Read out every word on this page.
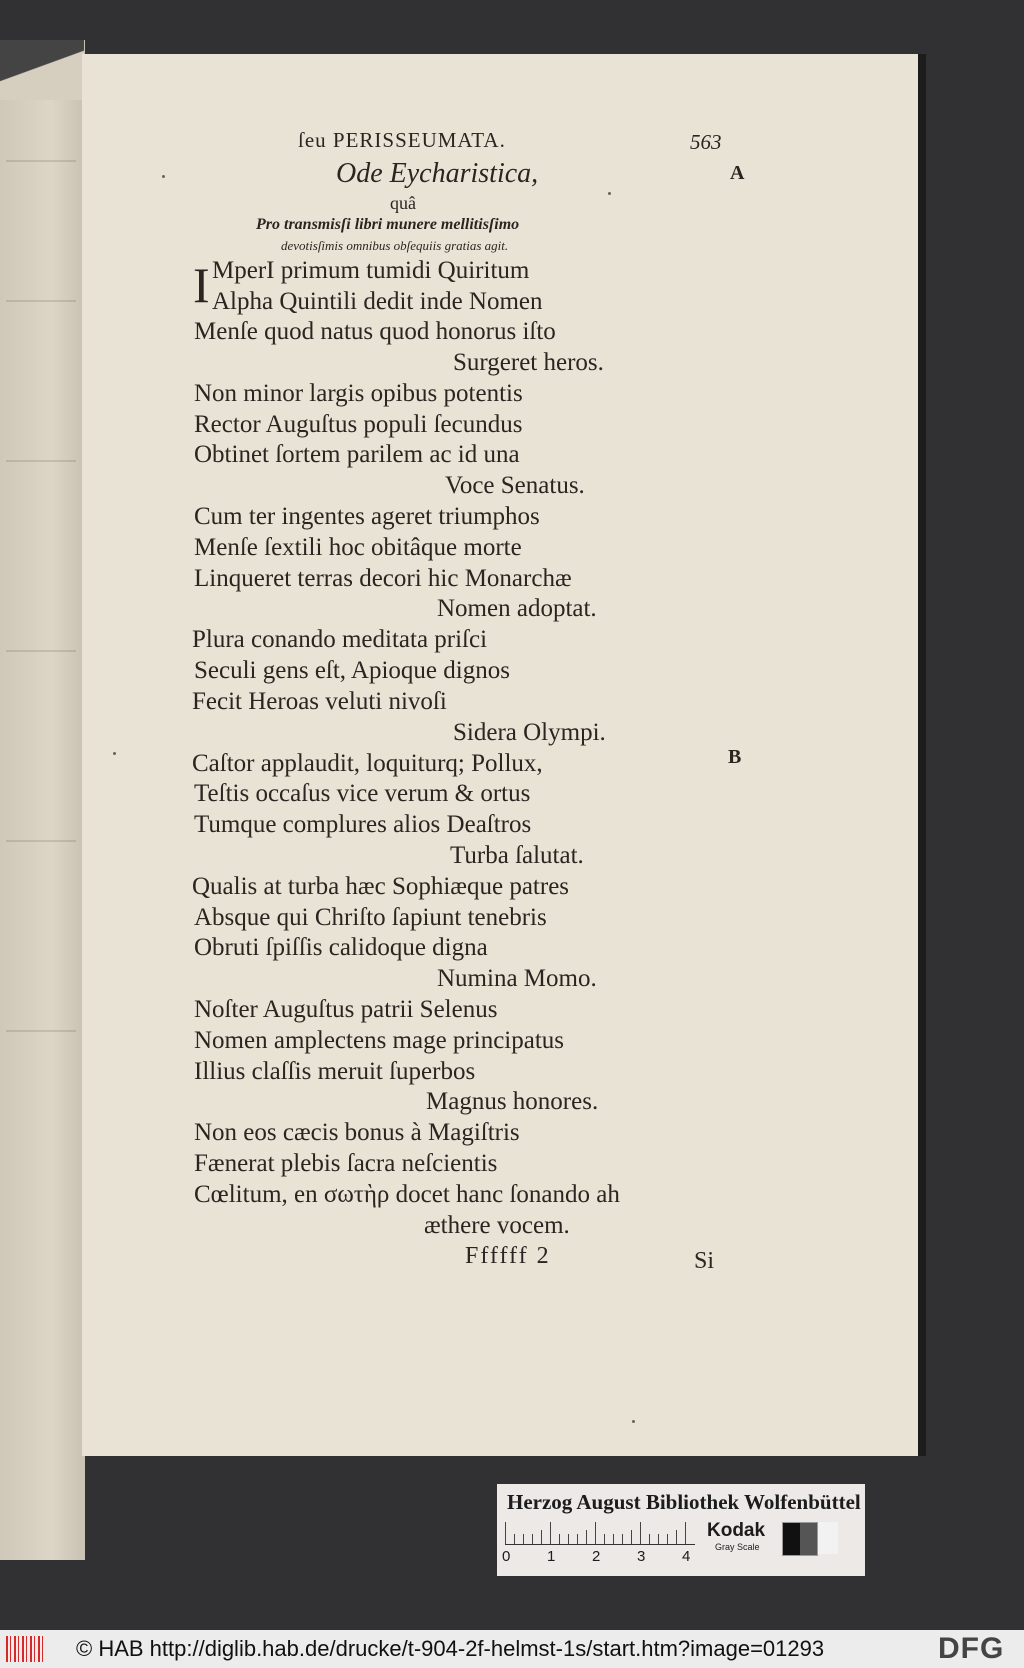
ſeu PERISSEUMATA.	563
Ode Eycharistica,
quâ
Pro transmisſi libri munere mellitisſimo
devotisſimis omnibus obſequiis gratias agit.
A
B
I MperI primum tumidi Quiritum
Alpha Quintili dedit inde Nomen
Menſe quod natus quod honorus iſto
Surgeret heros.
Non minor largis opibus potentis
Rector Auguſtus populi ſecundus
Obtinet ſortem parilem ac id una
Voce Senatus.
Cum ter ingentes ageret triumphos
Menſe ſextili hoc obitâque morte
Linqueret terras decori hic Monarchæ
Nomen adoptat.
Plura conando meditata priſci
Seculi gens eſt, Apioque dignos
Fecit Heroas veluti nivoſi
Sidera Olympi.
Caſtor applaudit, loquiturq; Pollux,
Teſtis occaſus vice verum & ortus
Tumque complures alios Deaſtros
Turba ſalutat.
Qualis at turba hæc Sophiæque patres
Absque qui Chriſto ſapiunt tenebris
Obruti ſpiſſis calidoque digna
Numina Momo.
Noſter Auguſtus patrii Selenus
Nomen amplectens mage principatus
Illius claſſis meruit ſuperbos
Magnus honores.
Non eos cæcis bonus à Magiſtris
Fænerat plebis ſacra neſcientis
Cœlitum, en σωτὴρ docet hanc ſonando ah
æthere vocem.
Ffffff 2	Si
Herzog August Bibliothek Wolfenbüttel
0 1 2 3 4
Kodak
Gray Scale
© HAB http://diglib.hab.de/drucke/t-904-2f-helmst-1s/start.htm?image=01293	DFG
